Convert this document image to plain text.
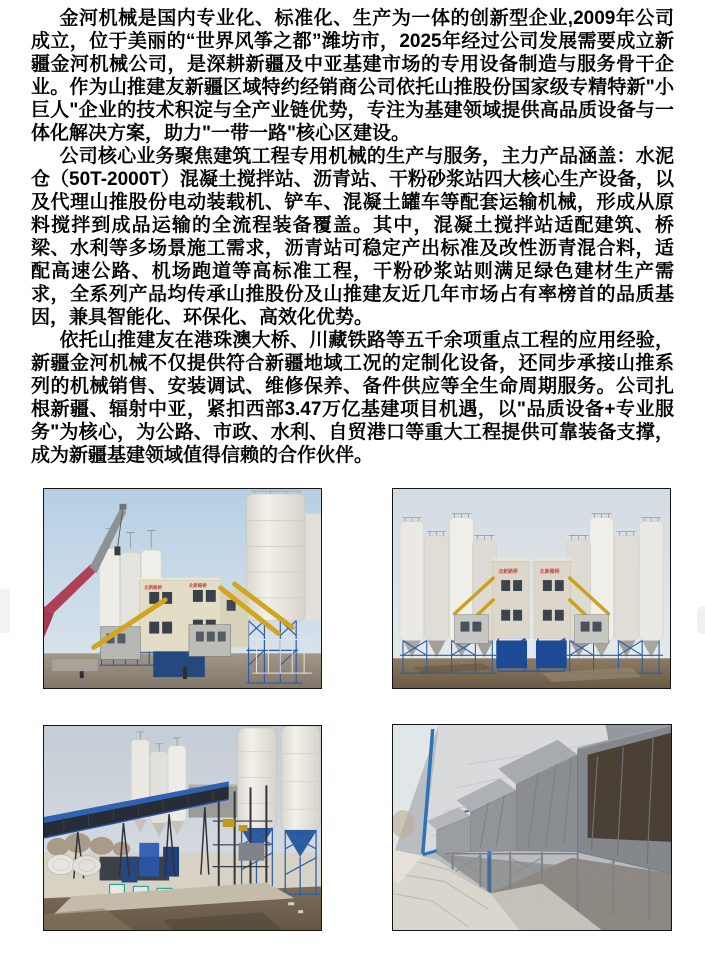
金河机械是国内专业化、标准化、生产为一体的创新型企业,2009年公司成立，位于美丽的“世界风筝之都”潍坊市，2025年经过公司发展需要成立新疆金河机械公司，是深耕新疆及中亚基建市场的专用设备制造与服务骨干企业。作为山推建友新疆区域特约经销商公司依托山推股份国家级专精特新"小巨人"企业的技术积淀与全产业链优势，专注为基建领域提供高品质设备与一体化解决方案，助力"一带一路"核心区建设。

公司核心业务聚焦建筑工程专用机械的生产与服务，主力产品涵盖：水泥仓（50T-2000T）混凝土搅拌站、沥青站、干粉砂浆站四大核心生产设备，以及代理山推股份电动装载机、铲车、混凝土罐车等配套运输机械，形成从原料搅拌到成品运输的全流程装备覆盖。其中，混凝土搅拌站适配建筑、桥梁、水利等多场景施工需求，沥青站可稳定产出标准及改性沥青混合料，适配高速公路、机场跑道等高标准工程，干粉砂浆站则满足绿色建材生产需求，全系列产品均传承山推股份及山推建友近几年市场占有率榜首的品质基因，兼具智能化、环保化、高效化优势。

依托山推建友在港珠澳大桥、川藏铁路等五千余项重点工程的应用经验，新疆金河机械不仅提供符合新疆地域工况的定制化设备，还同步承接山推系列的机械销售、安装调试、维修保养、备件供应等全生命周期服务。公司扎根新疆、辐射中亚，紧扣西部3.47万亿基建项目机遇，以"品质设备+专业服务"为核心，为公路、市政、水利、自贸港口等重大工程提供可靠装备支撑，成为新疆基建领域值得信赖的合作伙伴。

北新路桥	北新路桥
北新路桥	北新路桥
